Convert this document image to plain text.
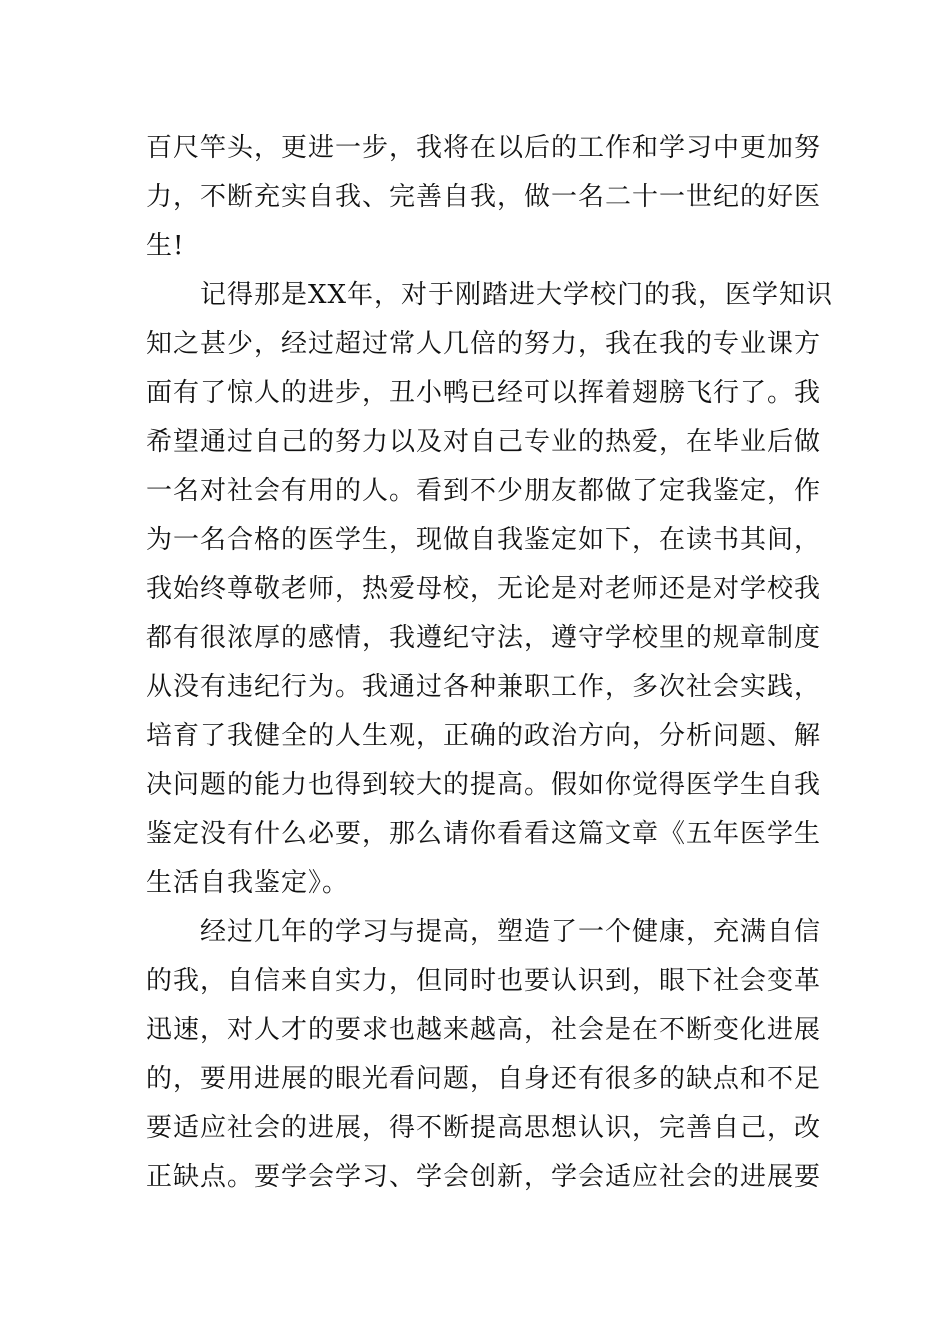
百尺竿头，更进一步，我将在以后的工作和学习中更加努
力，不断充实自我、完善自我，做一名二十一世纪的好医
生!
　　记得那是XX年，对于刚踏进大学校门的我，医学知识
知之甚少，经过超过常人几倍的努力，我在我的专业课方
面有了惊人的进步，丑小鸭已经可以挥着翅膀飞行了。我
希望通过自己的努力以及对自己专业的热爱，在毕业后做
一名对社会有用的人。看到不少朋友都做了定我鉴定，作
为一名合格的医学生，现做自我鉴定如下，在读书其间，
我始终尊敬老师，热爱母校，无论是对老师还是对学校我
都有很浓厚的感情，我遵纪守法，遵守学校里的规章制度
从没有违纪行为。我通过各种兼职工作，多次社会实践，
培育了我健全的人生观，正确的政治方向，分析问题、解
决问题的能力也得到较大的提高。假如你觉得医学生自我
鉴定没有什么必要，那么请你看看这篇文章《五年医学生
生活自我鉴定》。
　　经过几年的学习与提高，塑造了一个健康，充满自信
的我，自信来自实力，但同时也要认识到，眼下社会变革
迅速，对人才的要求也越来越高，社会是在不断变化进展
的，要用进展的眼光看问题，自身还有很多的缺点和不足
要适应社会的进展，得不断提高思想认识，完善自己，改
正缺点。要学会学习、学会创新，学会适应社会的进展要
